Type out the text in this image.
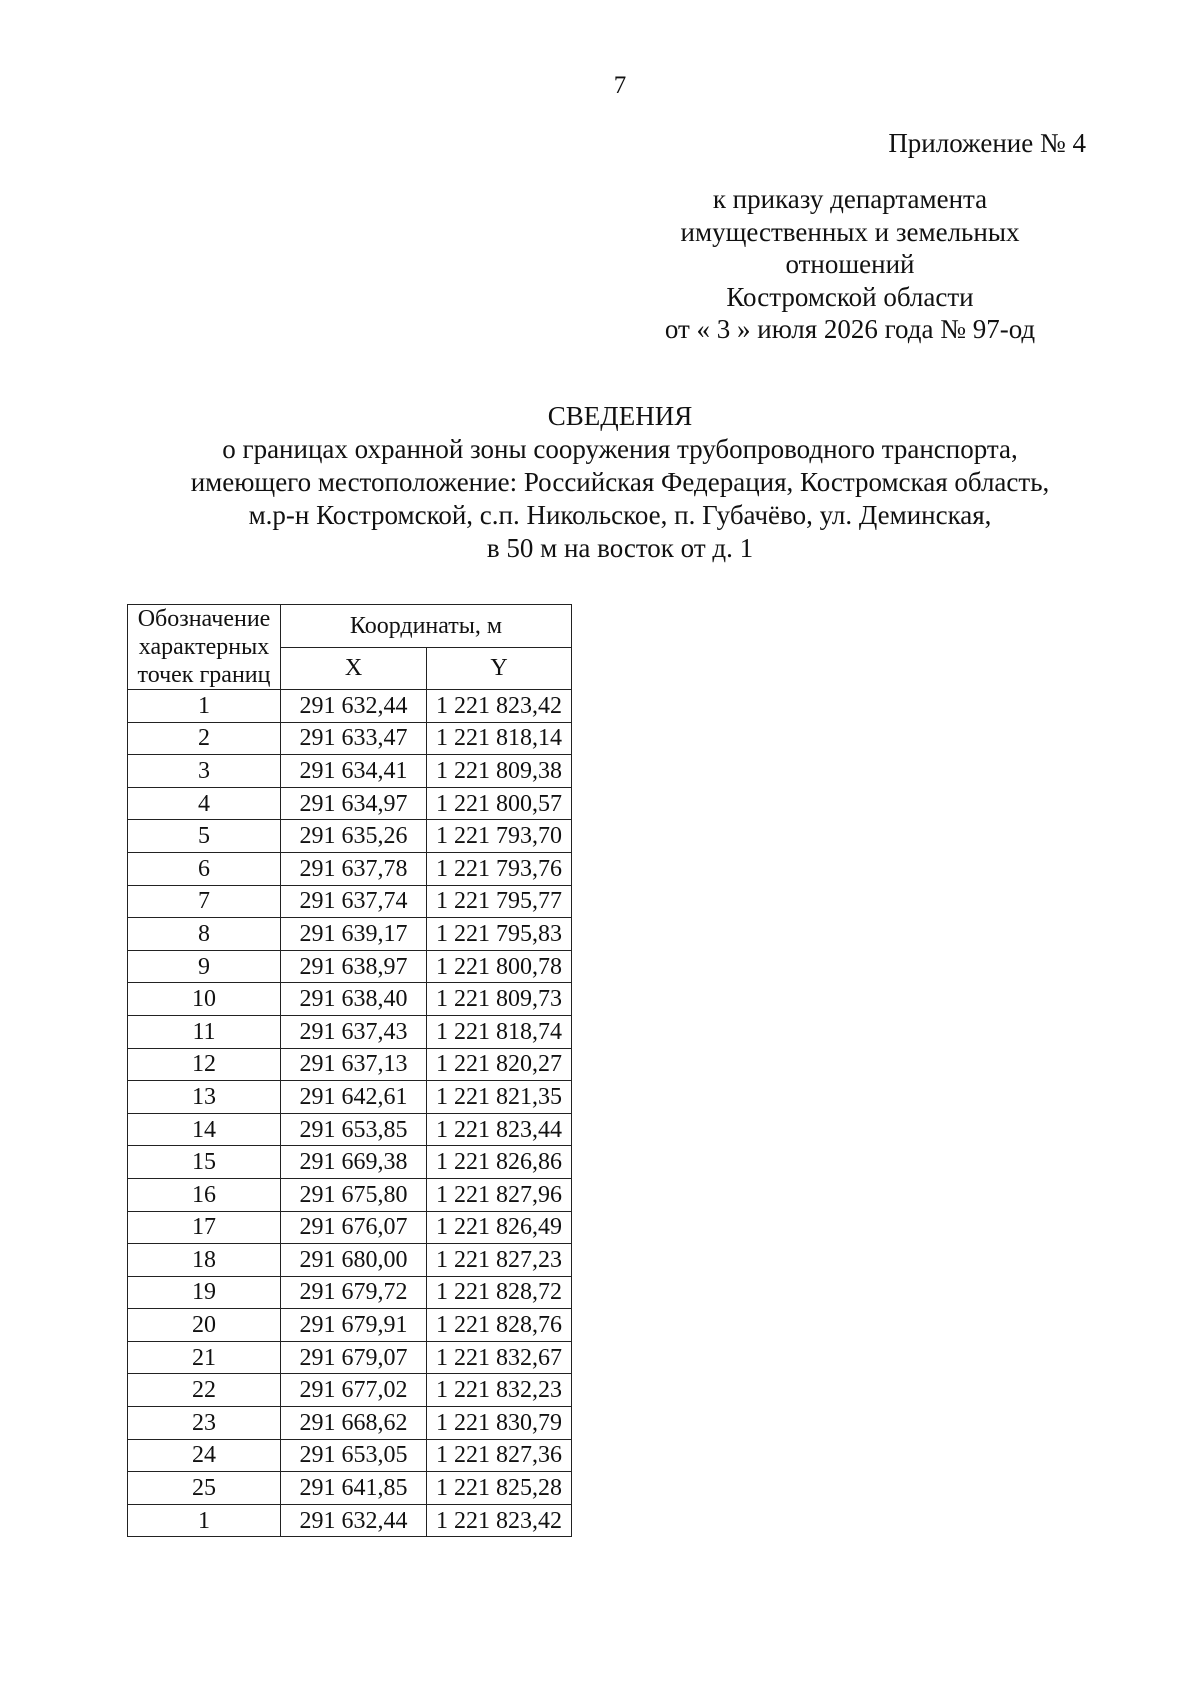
7
Приложение № 4
к приказу департамента
имущественных и земельных
отношений
Костромской области
от « 3 » июля 2026 года № 97-од
СВЕДЕНИЯ
о границах охранной зоны сооружения трубопроводного транспорта,
имеющего местоположение: Российская Федерация, Костромская область,
м.р-н Костромской, с.п. Никольское, п. Губачёво, ул. Деминская,
в 50 м на восток от д. 1
Обозначение характерных точек границ	Координаты, м	
	X	Y
1	291 632,44	1 221 823,42
2	291 633,47	1 221 818,14
3	291 634,41	1 221 809,38
4	291 634,97	1 221 800,57
5	291 635,26	1 221 793,70
6	291 637,78	1 221 793,76
7	291 637,74	1 221 795,77
8	291 639,17	1 221 795,83
9	291 638,97	1 221 800,78
10	291 638,40	1 221 809,73
11	291 637,43	1 221 818,74
12	291 637,13	1 221 820,27
13	291 642,61	1 221 821,35
14	291 653,85	1 221 823,44
15	291 669,38	1 221 826,86
16	291 675,80	1 221 827,96
17	291 676,07	1 221 826,49
18	291 680,00	1 221 827,23
19	291 679,72	1 221 828,72
20	291 679,91	1 221 828,76
21	291 679,07	1 221 832,67
22	291 677,02	1 221 832,23
23	291 668,62	1 221 830,79
24	291 653,05	1 221 827,36
25	291 641,85	1 221 825,28
1	291 632,44	1 221 823,42
